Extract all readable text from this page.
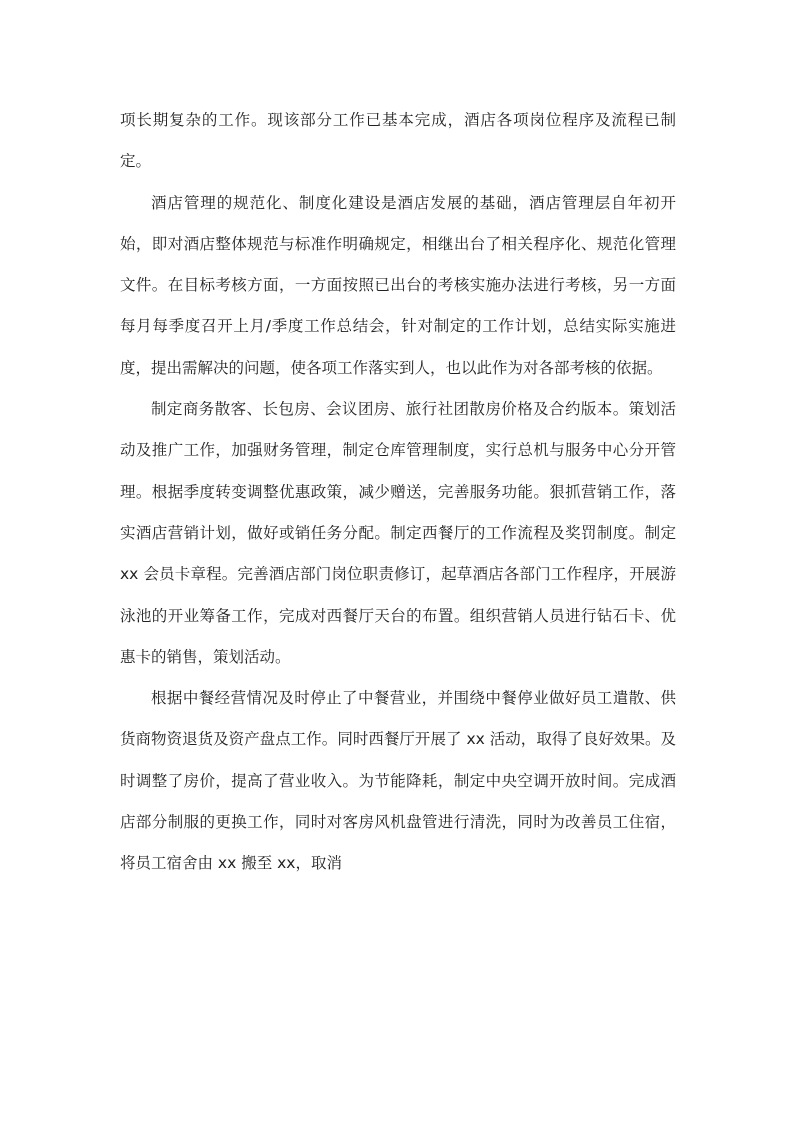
项长期复杂的工作。现该部分工作已基本完成，酒店各项岗位程序及流程已制定。

酒店管理的规范化、制度化建设是酒店发展的基础，酒店管理层自年初开始，即对酒店整体规范与标准作明确规定，相继出台了相关程序化、规范化管理文件。在目标考核方面，一方面按照已出台的考核实施办法进行考核，另一方面每月每季度召开上月/季度工作总结会，针对制定的工作计划，总结实际实施进度，提出需解决的问题，使各项工作落实到人，也以此作为对各部考核的依据。

制定商务散客、长包房、会议团房、旅行社团散房价格及合约版本。策划活动及推广工作，加强财务管理，制定仓库管理制度，实行总机与服务中心分开管理。根据季度转变调整优惠政策，减少赠送，完善服务功能。狠抓营销工作，落实酒店营销计划，做好或销任务分配。制定西餐厅的工作流程及奖罚制度。制定 xx 会员卡章程。完善酒店部门岗位职责修订，起草酒店各部门工作程序，开展游泳池的开业筹备工作，完成对西餐厅天台的布置。组织营销人员进行钻石卡、优惠卡的销售，策划活动。

根据中餐经营情况及时停止了中餐营业，并围绕中餐停业做好员工遣散、供货商物资退货及资产盘点工作。同时西餐厅开展了 xx 活动，取得了良好效果。及时调整了房价，提高了营业收入。为节能降耗，制定中央空调开放时间。完成酒店部分制服的更换工作，同时对客房风机盘管进行清洗，同时为改善员工住宿，将员工宿舍由 xx 搬至 xx，取消
